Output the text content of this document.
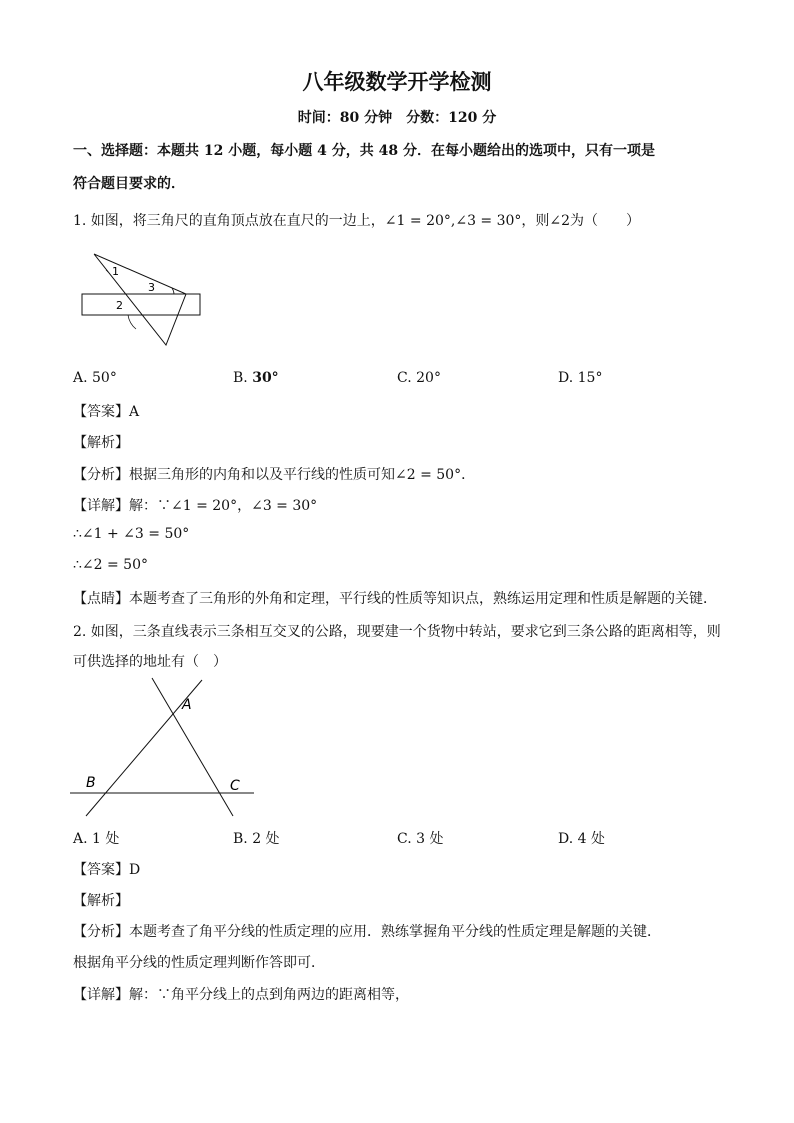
八年级数学开学检测
时间：80 分钟　分数：120 分
一、选择题：本题共 12 小题，每小题 4 分，共 48 分．在每小题给出的选项中，只有一项是
符合题目要求的．
1. 如图，将三角尺的直角顶点放在直尺的一边上，∠1 = 20°,∠3 = 30°，则∠2为（　　）
1
3
2
A. 50°	B. 30°	C. 20°	D. 15°
【答案】A
【解析】
【分析】根据三角形的内角和以及平行线的性质可知∠2 = 50°．
【详解】解：∵∠1 = 20°，∠3 = 30°
∴∠1 + ∠3 = 50°
∴∠2 = 50°
【点睛】本题考查了三角形的外角和定理，平行线的性质等知识点，熟练运用定理和性质是解题的关键．
2. 如图，三条直线表示三条相互交叉的公路，现要建一个货物中转站，要求它到三条公路的距离相等，则
可供选择的地址有（　）
A
B	C
A. 1 处	B. 2 处	C. 3 处	D. 4 处
【答案】D
【解析】
【分析】本题考查了角平分线的性质定理的应用．熟练掌握角平分线的性质定理是解题的关键．
根据角平分线的性质定理判断作答即可．
【详解】解：∵角平分线上的点到角两边的距离相等，
